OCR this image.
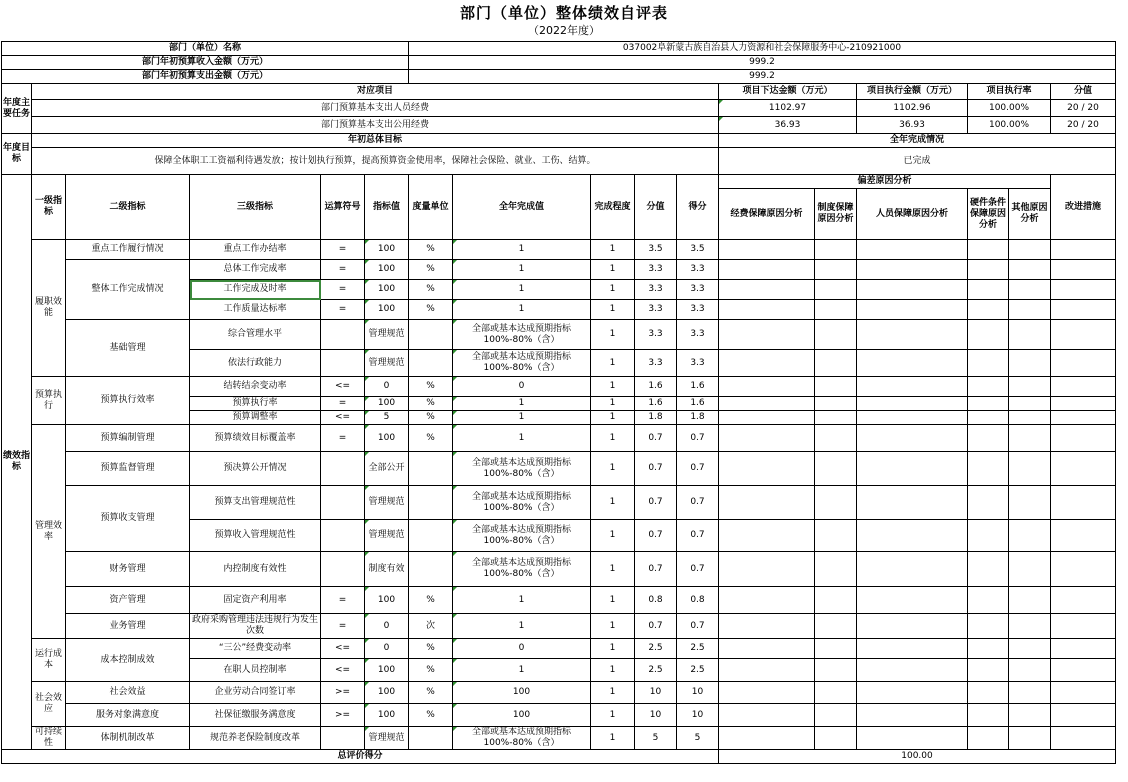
部门（单位）整体绩效自评表
（2022年度）
部门（单位）名称						037002阜新蒙古族自治县人力资源和社会保障服务中心-210921000										
部门年初预算收入金额（万元）						999.2										
部门年初预算支出金额（万元）						999.2										
年度主要任务	对应项目										项目下达金额（万元）		项目执行金额（万元）	项目执行率		分值
	部门预算基本支出人员经费										1102.97		1102.96	100.00%		20 / 20
	部门预算基本支出公用经费										36.93		36.93	100.00%		20 / 20
年度目标	年初总体目标										全年完成情况					
	保障全体职工工资福利待遇发放；按计划执行预算，提高预算资金使用率，保障社会保险、就业、工伤、结算。										已完成					
绩效指标	一级指标	二级指标	三级指标	运算符号	指标值	度量单位	全年完成值	完成程度	分值	得分	偏差原因分析					改进措施
											经费保障原因分析	制度保障原因分析	人员保障原因分析	硬件条件保障原因分析	其他原因分析	
	履职效能	重点工作履行情况	重点工作办结率	=	100	%	1	1	3.5	3.5						
		整体工作完成情况	总体工作完成率	=	100	%	1	1	3.3	3.3						
			工作完成及时率	=	100	%	1	1	3.3	3.3						
			工作质量达标率	=	100	%	1	1	3.3	3.3						
		基础管理	综合管理水平		管理规范		全部或基本达成预期指标100%-80%（含）	1	3.3	3.3						
			依法行政能力		管理规范		全部或基本达成预期指标100%-80%（含）	1	3.3	3.3						
	预算执行	预算执行效率	结转结余变动率	<=	0	%	0	1	1.6	1.6						
			预算执行率	=	100	%	1	1	1.6	1.6						
			预算调整率	<=	5	%	1	1	1.8	1.8						
	管理效率	预算编制管理	预算绩效目标覆盖率	=	100	%	1	1	0.7	0.7						
		预算监督管理	预决算公开情况		全部公开		全部或基本达成预期指标100%-80%（含）	1	0.7	0.7						
		预算收支管理	预算支出管理规范性		管理规范		全部或基本达成预期指标100%-80%（含）	1	0.7	0.7						
			预算收入管理规范性		管理规范		全部或基本达成预期指标100%-80%（含）	1	0.7	0.7						
		财务管理	内控制度有效性		制度有效		全部或基本达成预期指标100%-80%（含）	1	0.7	0.7						
		资产管理	固定资产利用率	=	100	%	1	1	0.8	0.8						
		业务管理	政府采购管理违法违规行为发生次数	=	0	次	1	1	0.7	0.7						
	运行成本	成本控制成效	“三公”经费变动率	<=	0	%	0	1	2.5	2.5						
			在职人员控制率	<=	100	%	1	1	2.5	2.5						
	社会效应	社会效益	企业劳动合同签订率	>=	100	%	100	1	10	10						
		服务对象满意度	社保征缴服务满意度	>=	100	%	100	1	10	10						
	可持续性	体制机制改革	规范养老保险制度改革		管理规范		全部或基本达成预期指标100%-80%（含）	1	5	5						
总评价得分											100.00					
